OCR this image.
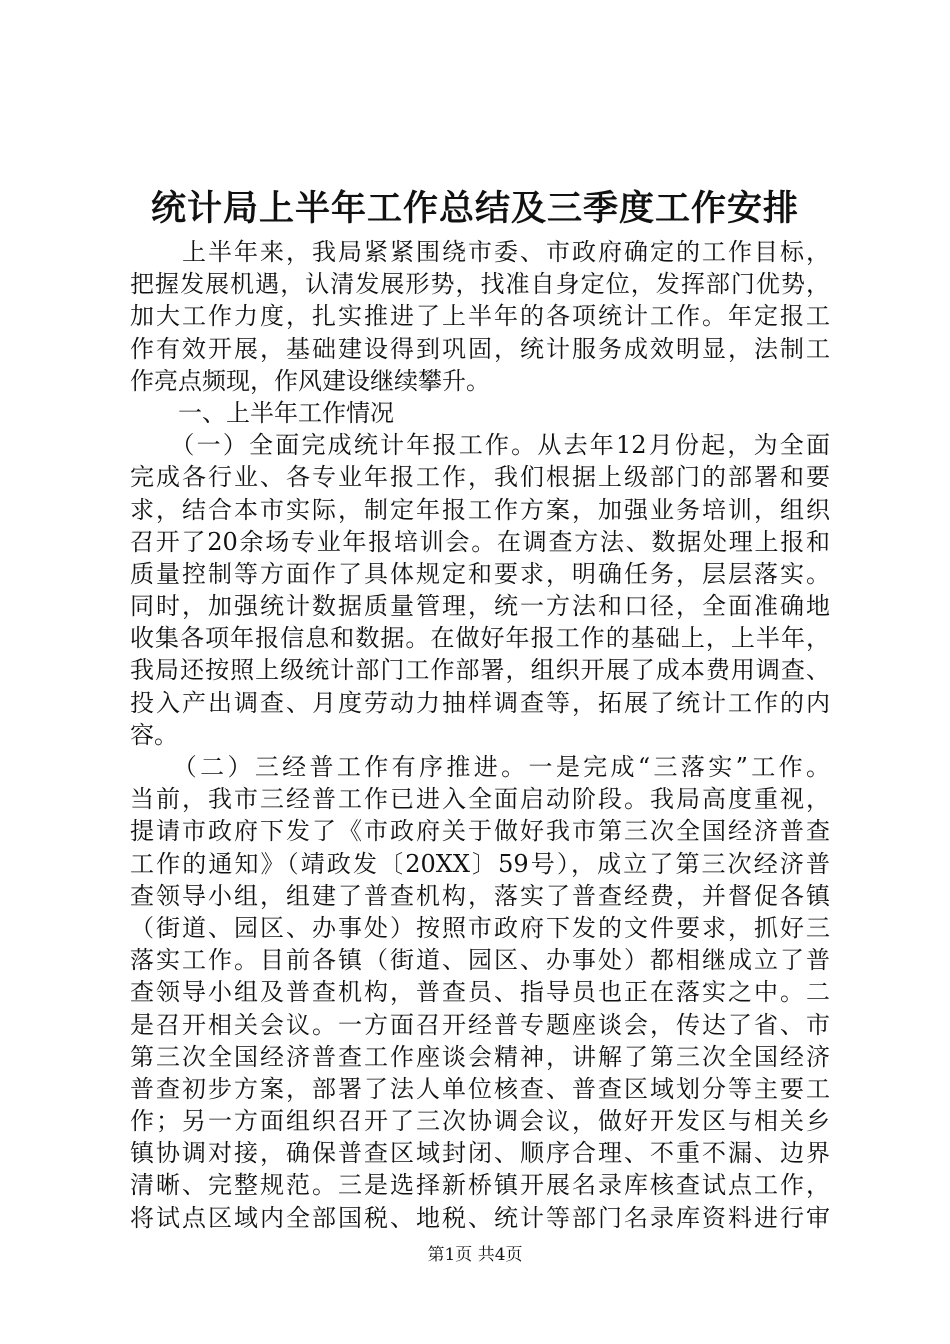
统计局上半年工作总结及三季度工作安排
　　上半年来，我局紧紧围绕市委、市政府确定的工作目标，
把握发展机遇，认清发展形势，找准自身定位，发挥部门优势，
加大工作力度，扎实推进了上半年的各项统计工作。年定报工
作有效开展，基础建设得到巩固，统计服务成效明显，法制工
作亮点频现，作风建设继续攀升。
　　一、上半年工作情况
　　（一）全面完成统计年报工作。从去年12月份起，为全面
完成各行业、各专业年报工作，我们根据上级部门的部署和要
求，结合本市实际，制定年报工作方案，加强业务培训，组织
召开了20余场专业年报培训会。在调查方法、数据处理上报和
质量控制等方面作了具体规定和要求，明确任务，层层落实。
同时，加强统计数据质量管理，统一方法和口径，全面准确地
收集各项年报信息和数据。在做好年报工作的基础上，上半年，
我局还按照上级统计部门工作部署，组织开展了成本费用调查、
投入产出调查、月度劳动力抽样调查等，拓展了统计工作的内
容。
　　（二）三经普工作有序推进。一是完成“三落实”工作。
当前，我市三经普工作已进入全面启动阶段。我局高度重视，
提请市政府下发了《市政府关于做好我市第三次全国经济普查
工作的通知》（靖政发〔20XX〕59号），成立了第三次经济普
查领导小组，组建了普查机构，落实了普查经费，并督促各镇
（街道、园区、办事处）按照市政府下发的文件要求，抓好三
落实工作。目前各镇（街道、园区、办事处）都相继成立了普
查领导小组及普查机构，普查员、指导员也正在落实之中。二
是召开相关会议。一方面召开经普专题座谈会，传达了省、市
第三次全国经济普查工作座谈会精神，讲解了第三次全国经济
普查初步方案，部署了法人单位核查、普查区域划分等主要工
作；另一方面组织召开了三次协调会议，做好开发区与相关乡
镇协调对接，确保普查区域封闭、顺序合理、不重不漏、边界
清晰、完整规范。三是选择新桥镇开展名录库核查试点工作，
将试点区域内全部国税、地税、统计等部门名录库资料进行审
第1页 共4页
